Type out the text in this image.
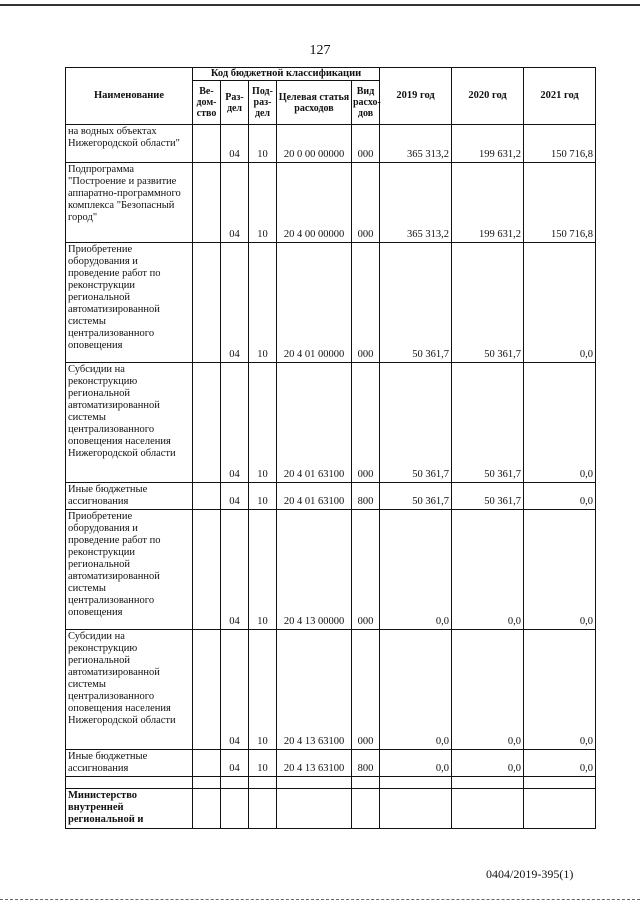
127
Наименование	Код бюджетной классификации					2019 год	2020 год	2021 год
	Ве- дом- ство	Раз- дел	Под- раз- дел	Целевая статья расходов	Вид расхо- дов			
на водных объектах Нижегородской области"		04	10	20 0 00 00000	000	365 313,2	199 631,2	150 716,8
Подпрограмма "Построение и развитие аппаратно-программного комплекса "Безопасный город"		04	10	20 4 00 00000	000	365 313,2	199 631,2	150 716,8
Приобретение оборудования и проведение работ по реконструкции региональной автоматизированной системы централизованного оповещения		04	10	20 4 01 00000	000	50 361,7	50 361,7	0,0
Субсидии на реконструкцию региональной автоматизированной системы централизованного оповещения населения Нижегородской области		04	10	20 4 01 63100	000	50 361,7	50 361,7	0,0
Иные бюджетные ассигнования		04	10	20 4 01 63100	800	50 361,7	50 361,7	0,0
Приобретение оборудования и проведение работ по реконструкции региональной автоматизированной системы централизованного оповещения		04	10	20 4 13 00000	000	0,0	0,0	0,0
Субсидии на реконструкцию региональной автоматизированной системы централизованного оповещения населения Нижегородской области		04	10	20 4 13 63100	000	0,0	0,0	0,0
Иные бюджетные ассигнования		04	10	20 4 13 63100	800	0,0	0,0	0,0

Министерство внутренней региональной и								
0404/2019-395(1)
